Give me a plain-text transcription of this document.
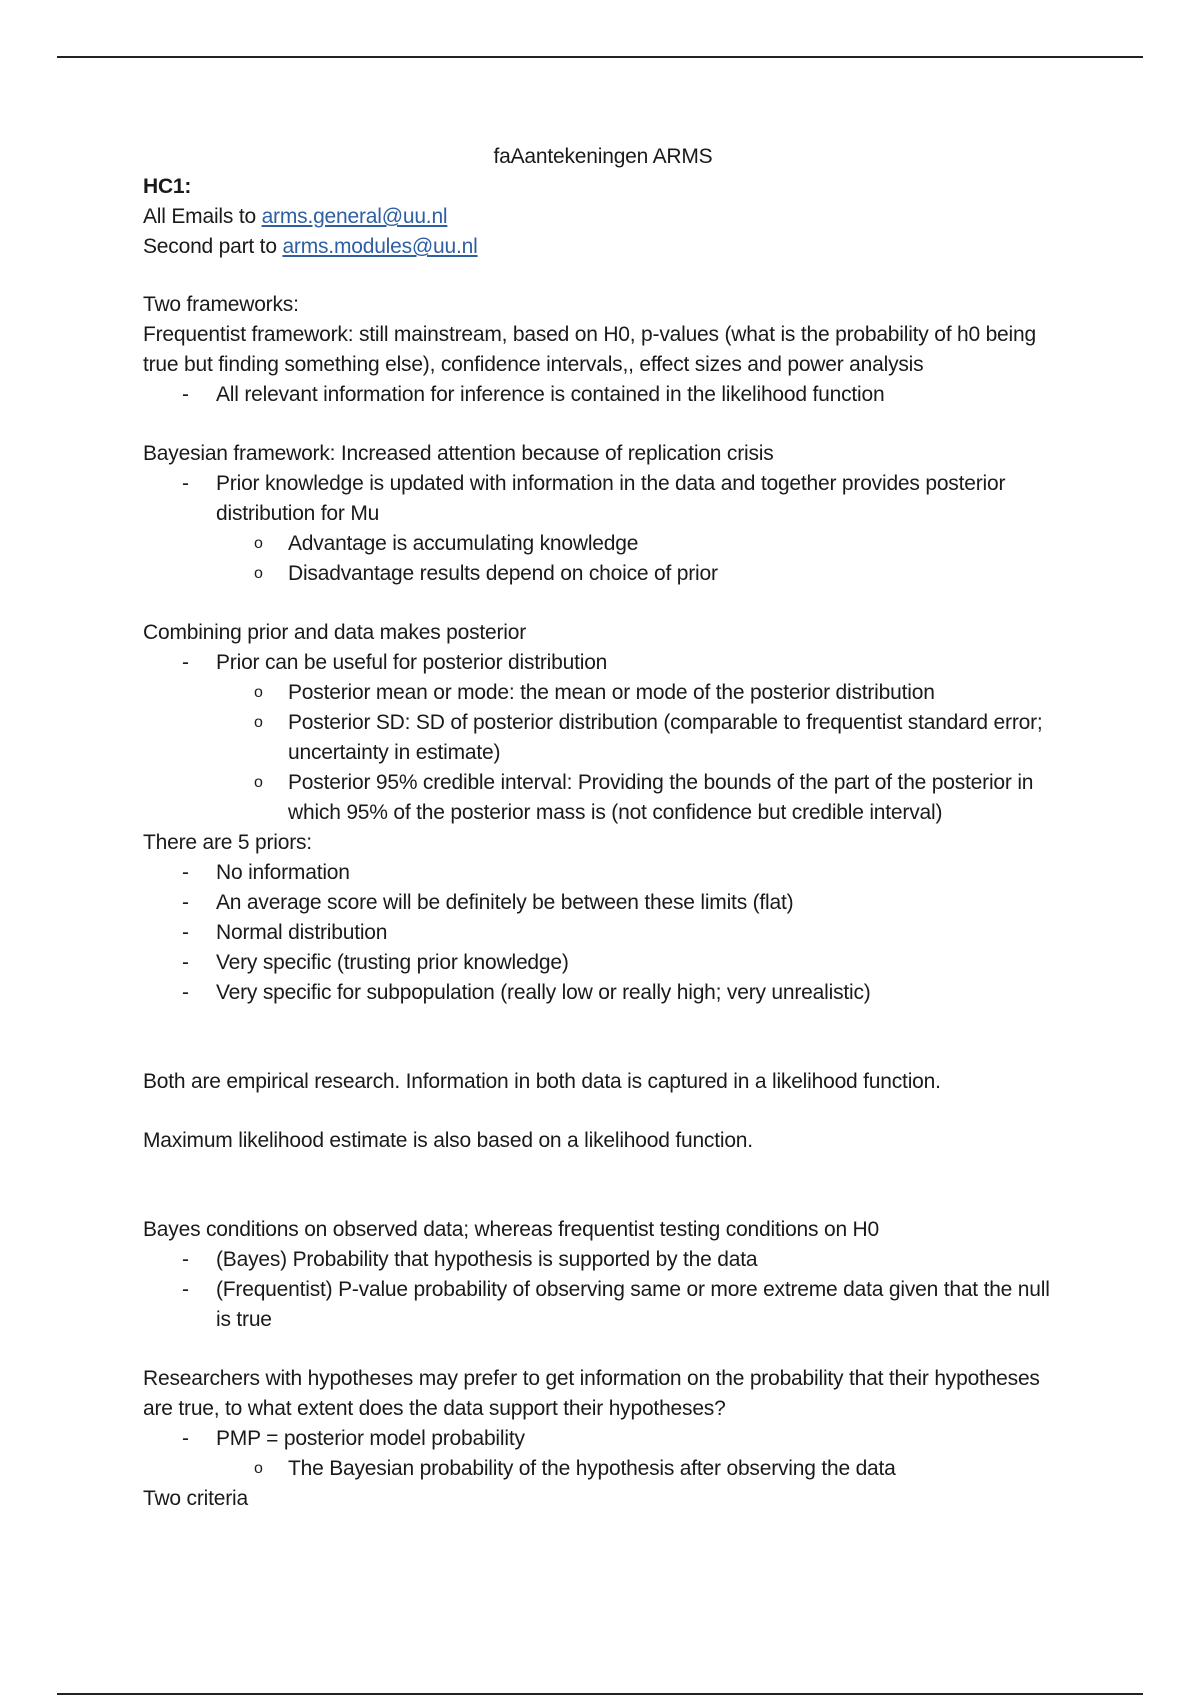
faAantekeningen ARMS
HC1:
All Emails to arms.general@uu.nl
Second part to arms.modules@uu.nl
Two frameworks:
Frequentist framework: still mainstream, based on H0, p-values (what is the probability of h0 being true but finding something else), confidence intervals,, effect sizes and power analysis
- All relevant information for inference is contained in the likelihood function
Bayesian framework: Increased attention because of replication crisis
- Prior knowledge is updated with information in the data and together provides posterior distribution for Mu
o Advantage is accumulating knowledge
o Disadvantage results depend on choice of prior
Combining prior and data makes posterior
- Prior can be useful for posterior distribution
o Posterior mean or mode: the mean or mode of the posterior distribution
o Posterior SD: SD of posterior distribution (comparable to frequentist standard error; uncertainty in estimate)
o Posterior 95% credible interval: Providing the bounds of the part of the posterior in which 95% of the posterior mass is (not confidence but credible interval)
There are 5 priors:
- No information
- An average score will be definitely be between these limits (flat)
- Normal distribution
- Very specific (trusting prior knowledge)
- Very specific for subpopulation (really low or really high; very unrealistic)
Both are empirical research. Information in both data is captured in a likelihood function.
Maximum likelihood estimate is also based on a likelihood function.
Bayes conditions on observed data; whereas frequentist testing conditions on H0
- (Bayes) Probability that hypothesis is supported by the data
- (Frequentist) P-value probability of observing same or more extreme data given that the null is true
Researchers with hypotheses may prefer to get information on the probability that their hypotheses are true, to what extent does the data support their hypotheses?
- PMP = posterior model probability
o The Bayesian probability of the hypothesis after observing the data
Two criteria
